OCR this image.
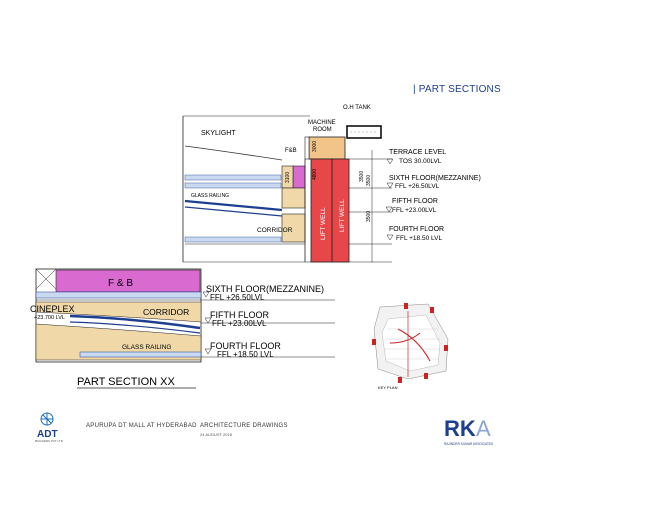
| PART SECTIONS
SKYLIGHT
O.H TANK
MACHINE
ROOM
3000
F&B
LIFT WELL LIFT WELL
4800
3100
GLASS RAILING
CORRIDOR
3500
3500
3500
TERRACE LEVEL
TOS 30.00LVL
SIXTH FLOOR(MEZZANINE)
FFL +26.50LVL
FIFTH FLOOR
FFL +23.00LVL
FOURTH FLOOR
FFL +18.50 LVL
F & B
CINEPLEX
+23.700 LVL
CORRIDOR
GLASS RAILING
SIXTH FLOOR(MEZZANINE)
FFL +26.50LVL
FIFTH FLOOR
FFL +23.00LVL
FOURTH FLOOR
FFL +18.50 LVL
PART SECTION XX	KEY PLAN
ADT
BUILDERS PVT LTD
APURUPA DT MALL AT HYDERABAD ARCHITECTURE DRAWINGS
24 AUGUST 2018	RK A
RAJINDER KUMAR ASSOCIATES
